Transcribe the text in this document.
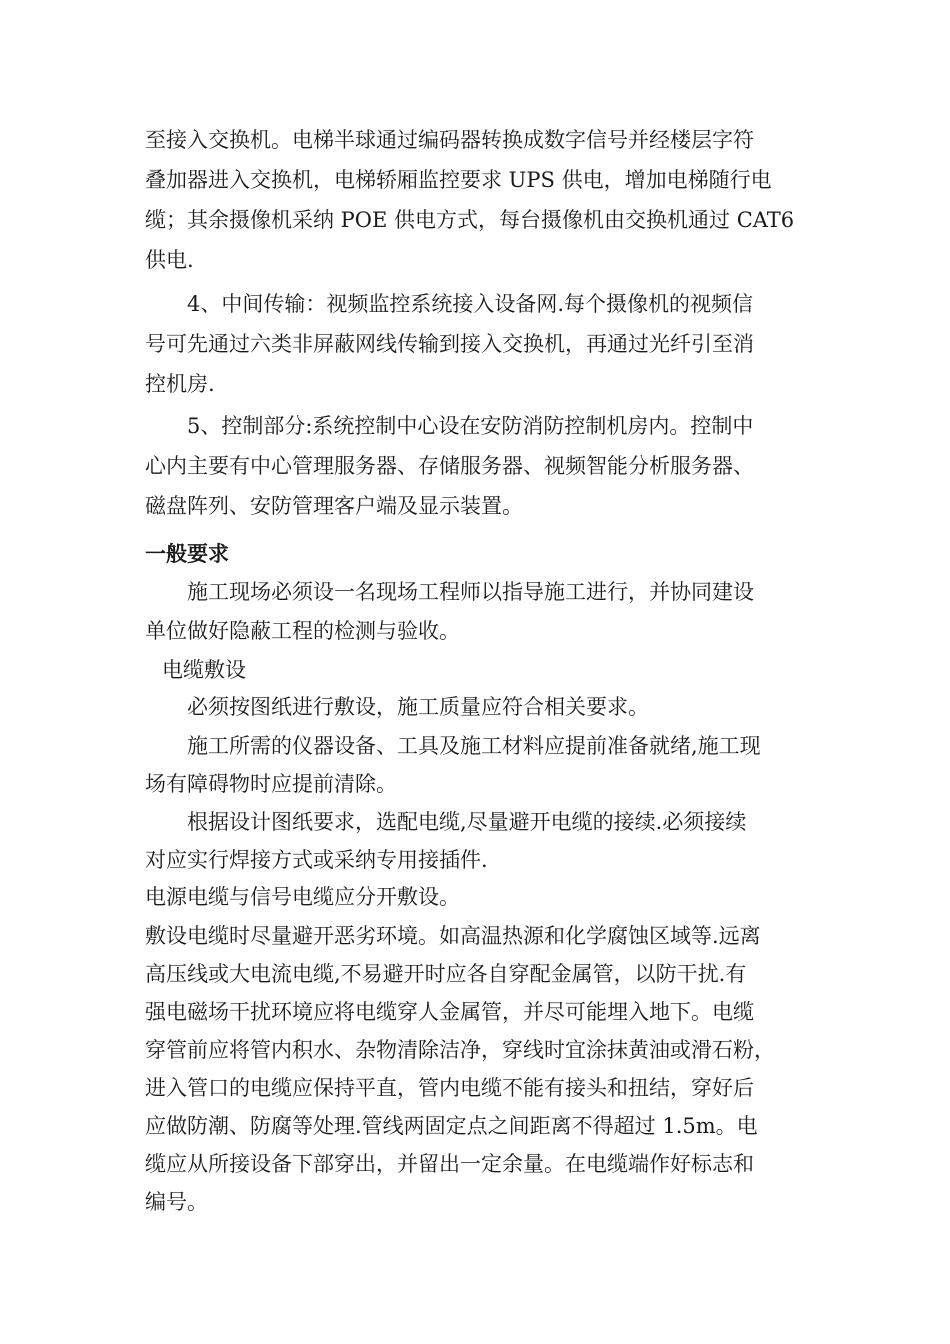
至接入交换机。电梯半球通过编码器转换成数字信号并经楼层字符
叠加器进入交换机，电梯轿厢监控要求 UPS 供电，增加电梯随行电
缆；其余摄像机采纳 POE 供电方式，每台摄像机由交换机通过 CAT6
供电.
4、中间传输：视频监控系统接入设备网.每个摄像机的视频信
号可先通过六类非屏蔽网线传输到接入交换机，再通过光纤引至消
控机房.
5、控制部分:系统控制中心设在安防消防控制机房内。控制中
心内主要有中心管理服务器、存储服务器、视频智能分析服务器、
磁盘阵列、安防管理客户端及显示装置。
一般要求
施工现场必须设一名现场工程师以指导施工进行，并协同建设
单位做好隐蔽工程的检测与验收。
电缆敷设
必须按图纸进行敷设，施工质量应符合相关要求。
施工所需的仪器设备、工具及施工材料应提前准备就绪,施工现
场有障碍物时应提前清除。
根据设计图纸要求，选配电缆,尽量避开电缆的接续.必须接续
对应实行焊接方式或采纳专用接插件.
电源电缆与信号电缆应分开敷设。
敷设电缆时尽量避开恶劣环境。如高温热源和化学腐蚀区域等.远离
高压线或大电流电缆,不易避开时应各自穿配金属管，以防干扰.有
强电磁场干扰环境应将电缆穿人金属管，并尽可能埋入地下。电缆
穿管前应将管内积水、杂物清除洁净，穿线时宜涂抹黄油或滑石粉，
进入管口的电缆应保持平直，管内电缆不能有接头和扭结，穿好后
应做防潮、防腐等处理.管线两固定点之间距离不得超过 1.5m。电
缆应从所接设备下部穿出，并留出一定余量。在电缆端作好标志和
编号。
